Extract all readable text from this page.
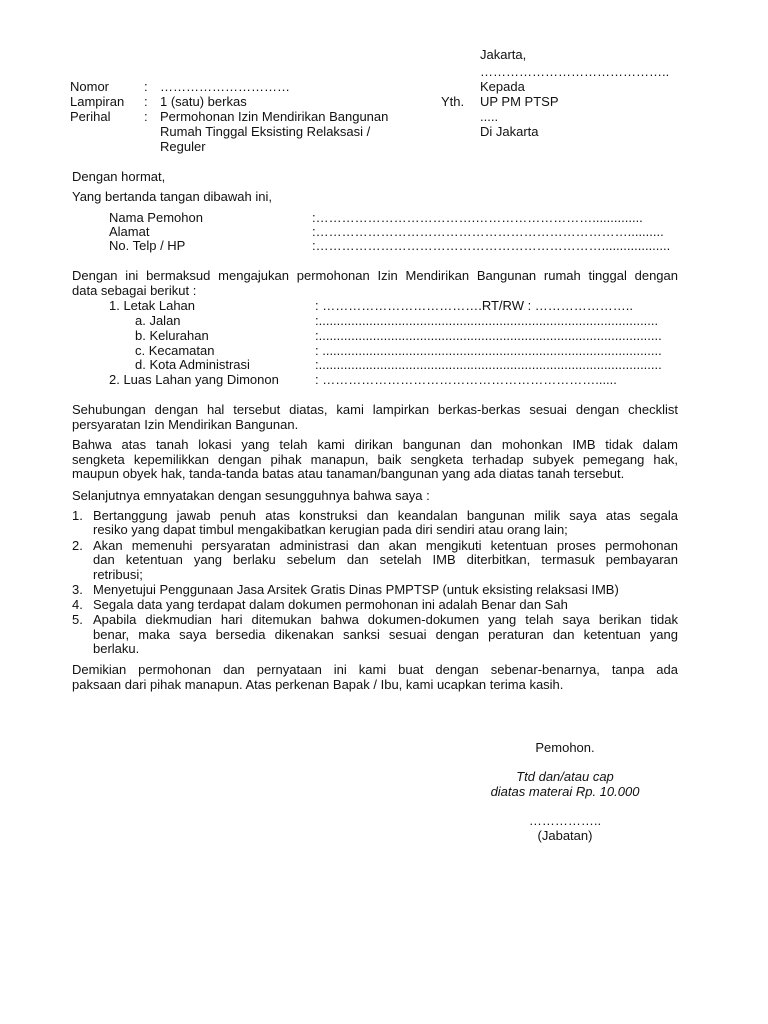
Jakarta,
……………………………………..
Kepada
Yth. UP PM PTSP
.....
Di Jakarta
Nomor	: …………………………
Lampiran : 1 (satu) berkas
Perihal	: Permohonan Izin Mendirikan Bangunan
Rumah Tinggal Eksisting Relaksasi /
Reguler
Dengan hormat,
Yang bertanda tangan dibawah ini,
Nama Pemohon	:……………………………….………………………..............
Alamat	:………………………………………………………………..........
No. Telp / HP	:…………………………………………………………...................
Dengan ini bermaksud mengajukan permohonan Izin Mendirikan Bangunan rumah tinggal dengan
data sebagai berikut :
1. Letak Lahan	: ……………………………….RT/RW : …………………..
a. Jalan	:..............................................................................................
b. Kelurahan	:...............................................................................................
c. Kecamatan	: ..............................................................................................
d. Kota Administrasi	:...............................................................................................
2. Luas Lahan yang Dimonon	: ………………………………………………………......
Sehubungan dengan hal tersebut diatas, kami lampirkan berkas-berkas sesuai dengan checklist
persyaratan Izin Mendirikan Bangunan.
Bahwa atas tanah lokasi yang telah kami dirikan bangunan dan mohonkan IMB tidak dalam
sengketa kepemilikkan dengan pihak manapun, baik sengketa terhadap subyek pemegang hak,
maupun obyek hak, tanda-tanda batas atau tanaman/bangunan yang ada diatas tanah tersebut.
Selanjutnya emnyatakan dengan sesungguhnya bahwa saya :
1. Bertanggung jawab penuh atas konstruksi dan keandalan bangunan milik saya atas segala
resiko yang dapat timbul mengakibatkan kerugian pada diri sendiri atau orang lain;
2. Akan memenuhi persyaratan administrasi dan akan mengikuti ketentuan proses permohonan
dan ketentuan yang berlaku sebelum dan setelah IMB diterbitkan, termasuk pembayaran
retribusi;
3. Menyetujui Penggunaan Jasa Arsitek Gratis Dinas PMPTSP (untuk eksisting relaksasi IMB)
4. Segala data yang terdapat dalam dokumen permohonan ini adalah Benar dan Sah
5. Apabila diekmudian hari ditemukan bahwa dokumen-dokumen yang telah saya berikan tidak
benar, maka saya bersedia dikenakan sanksi sesuai dengan peraturan dan ketentuan yang
berlaku.
Demikian permohonan dan pernyataan ini kami buat dengan sebenar-benarnya, tanpa ada
paksaan dari pihak manapun. Atas perkenan Bapak / Ibu, kami ucapkan terima kasih.
Pemohon.
Ttd dan/atau cap
diatas materai Rp. 10.000
……………..
(Jabatan)
